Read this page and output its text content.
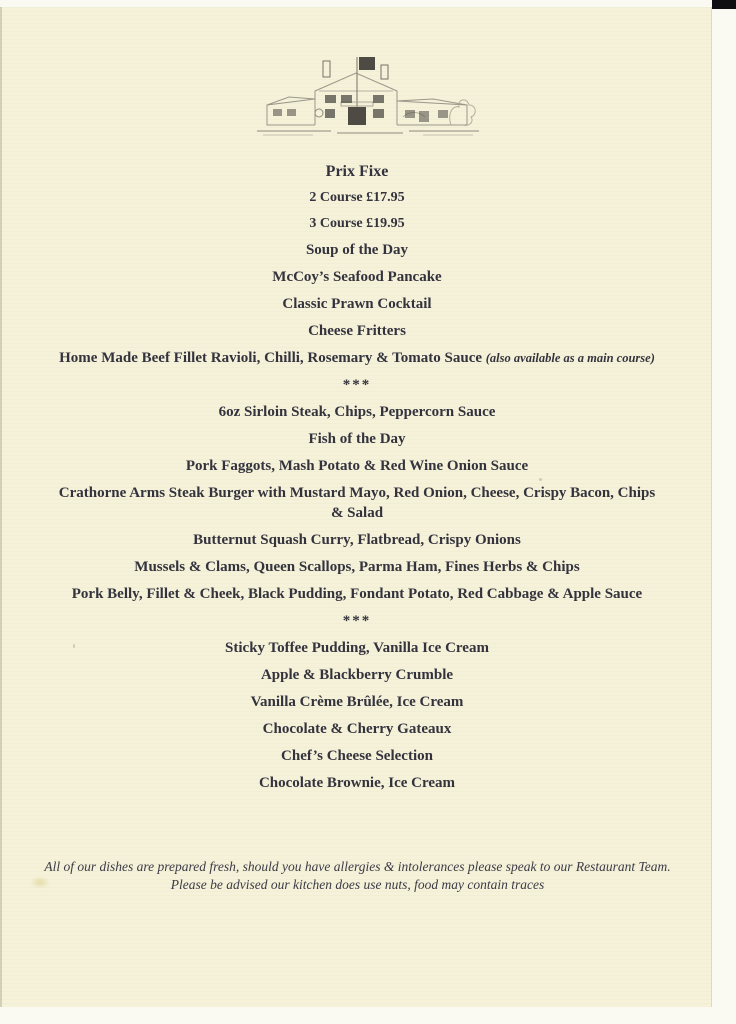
Prix Fixe
2 Course £17.95
3 Course £19.95
Soup of the Day
McCoy’s Seafood Pancake
Classic Prawn Cocktail
Cheese Fritters
Home Made Beef Fillet Ravioli, Chilli, Rosemary & Tomato Sauce (also available as a main course)
***
6oz Sirloin Steak, Chips, Peppercorn Sauce
Fish of the Day
Pork Faggots, Mash Potato & Red Wine Onion Sauce
Crathorne Arms Steak Burger with Mustard Mayo, Red Onion, Cheese, Crispy Bacon, Chips & Salad
Butternut Squash Curry, Flatbread, Crispy Onions
Mussels & Clams, Queen Scallops, Parma Ham, Fines Herbs & Chips
Pork Belly, Fillet & Cheek, Black Pudding, Fondant Potato, Red Cabbage & Apple Sauce
***
Sticky Toffee Pudding, Vanilla Ice Cream
Apple & Blackberry Crumble
Vanilla Crème Brûlée, Ice Cream
Chocolate & Cherry Gateaux
Chef’s Cheese Selection
Chocolate Brownie, Ice Cream
All of our dishes are prepared fresh, should you have allergies & intolerances please speak to our Restaurant Team.
Please be advised our kitchen does use nuts, food may contain traces
